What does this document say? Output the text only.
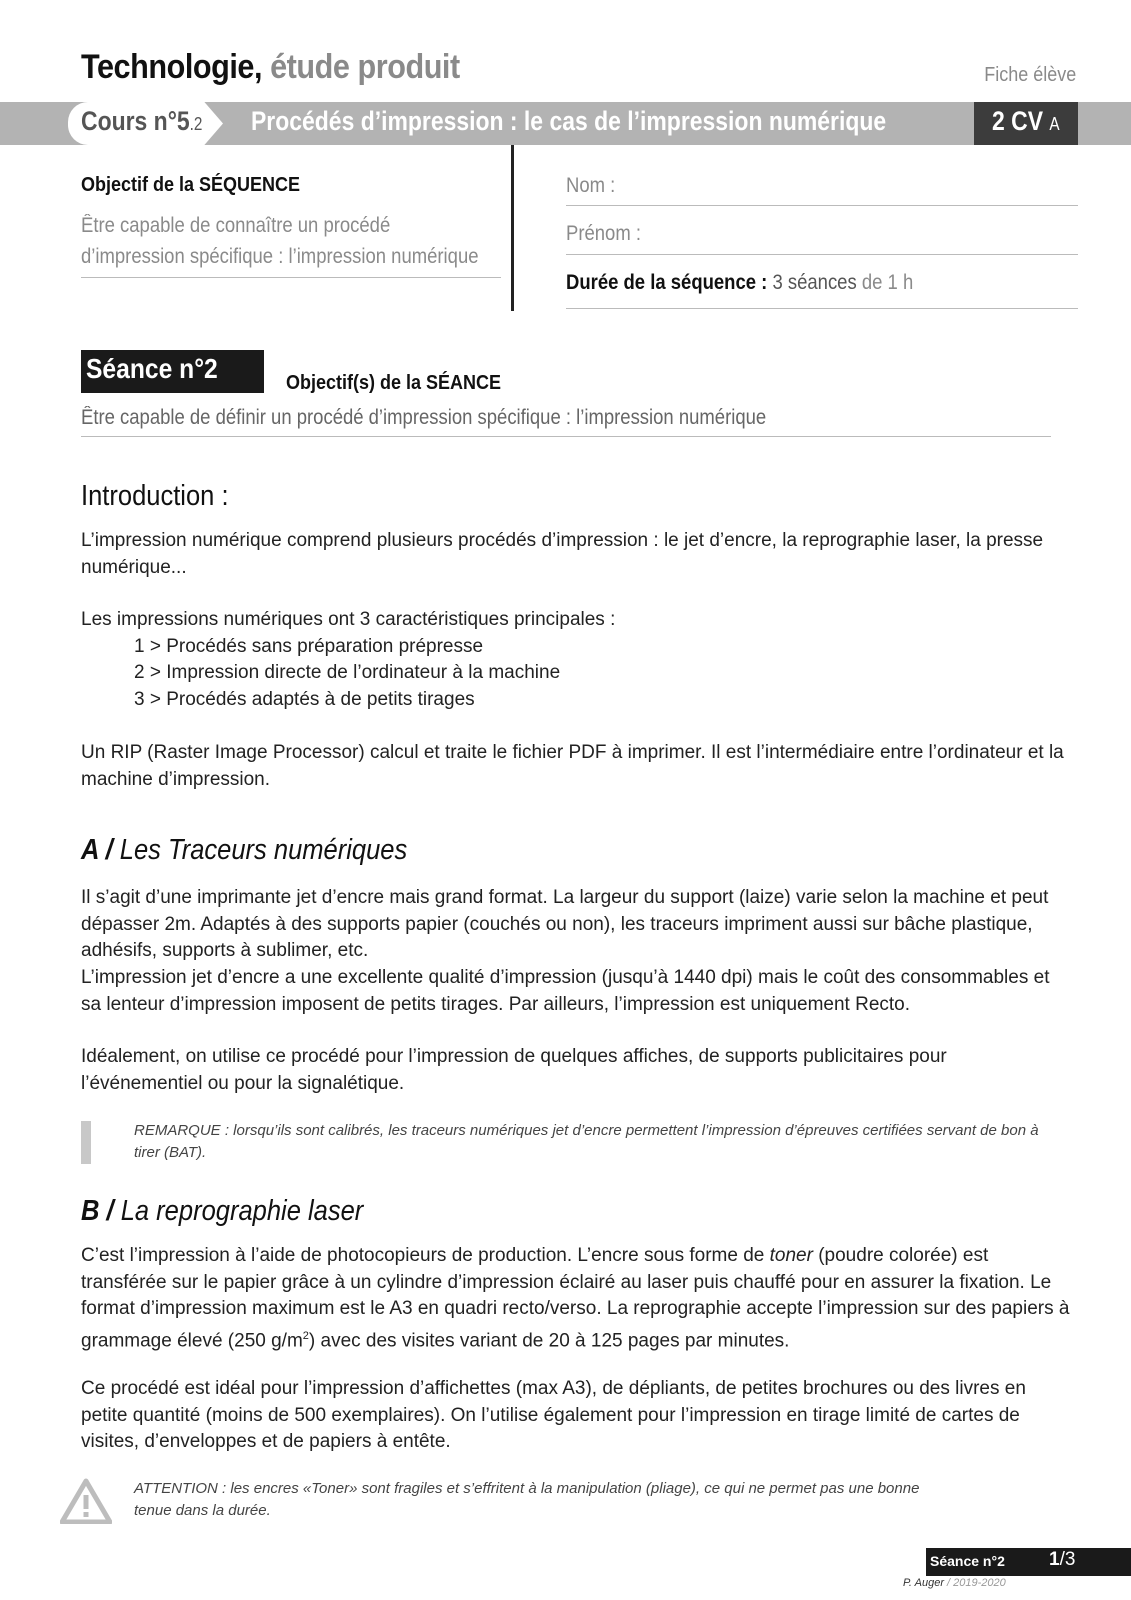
Technologie, étude produit	Fiche élève
Cours n°5.2 Procédés d’impression : le cas de l’impression numérique	2 CV A
Objectif de la SÉQUENCE
Être capable de connaître un procédé d’impression spécifique : l’impression numérique
Nom :
Prénom :
Durée de la séquence : 3 séances de 1 h
Séance n°2	Objectif(s) de la SÉANCE
Être capable de définir un procédé d’impression spécifique : l’impression numérique
Introduction :
L’impression numérique comprend plusieurs procédés d’impression : le jet d’encre, la reprographie laser, la presse numérique...
Les impressions numériques ont 3 caractéristiques principales :
1 > Procédés sans préparation prépresse
2 > Impression directe de l’ordinateur à la machine
3 > Procédés adaptés à de petits tirages
Un RIP (Raster Image Processor) calcul et traite le fichier PDF à imprimer. Il est l’intermédiaire entre l’ordinateur et la machine d’impression.
A / Les Traceurs numériques
Il s’agit d’une imprimante jet d’encre mais grand format. La largeur du support (laize) varie selon la machine et peut dépasser 2m. Adaptés à des supports papier (couchés ou non), les traceurs impriment aussi sur bâche plastique, adhésifs, supports à sublimer, etc.
L’impression jet d’encre a une excellente qualité d’impression (jusqu’à 1440 dpi) mais le coût des consommables et sa lenteur d’impression imposent de petits tirages. Par ailleurs, l’impression est uniquement Recto.
Idéalement, on utilise ce procédé pour l’impression de quelques affiches, de supports publicitaires pour l’événementiel ou pour la signalétique.
REMARQUE : lorsqu’ils sont calibrés, les traceurs numériques jet d’encre permettent l’impression d’épreuves certifiées servant de bon à tirer (BAT).
B / La reprographie laser
C’est l’impression à l’aide de photocopieurs de production. L’encre sous forme de toner (poudre colorée) est transférée sur le papier grâce à un cylindre d’impression éclairé au laser puis chauffé pour en assurer la fixation. Le format d’impression maximum est le A3 en quadri recto/verso. La reprographie accepte l’impression sur des papiers à grammage élevé (250 $g/m^2$) avec des visites variant de 20 à 125 pages par minutes.
Ce procédé est idéal pour l’impression d’affichettes (max A3), de dépliants, de petites brochures ou des livres en petite quantité (moins de 500 exemplaires). On l’utilise également pour l’impression en tirage limité de cartes de visites, d’enveloppes et de papiers à entête.
ATTENTION : les encres «Toner» sont fragiles et s’effritent à la manipulation (pliage), ce qui ne permet pas une bonne tenue dans la durée.
Séance n°2 1/3
P. Auger / 2019-2020
